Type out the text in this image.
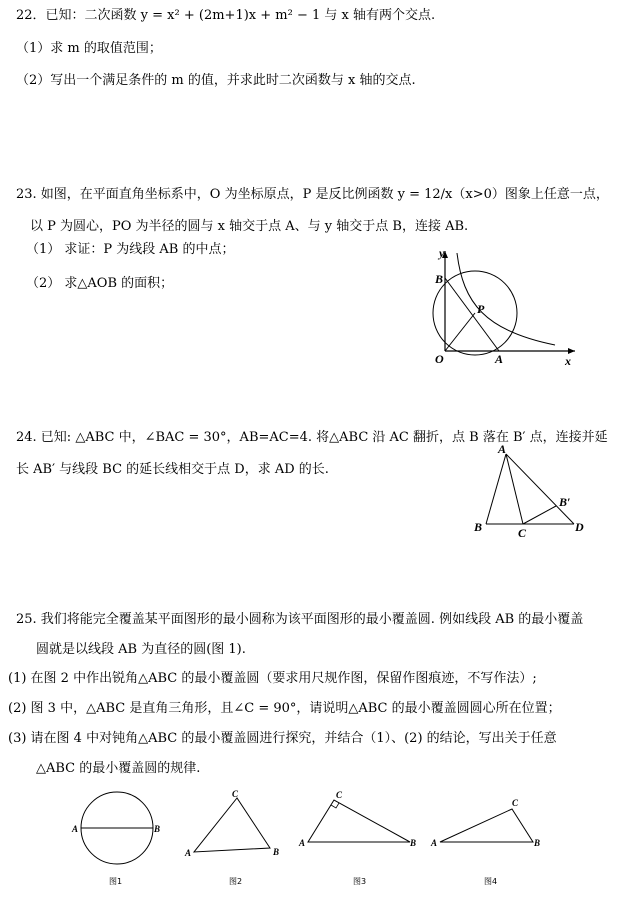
22．已知：二次函数 y = x² + (2m+1)x + m² − 1 与 x 轴有两个交点.
（1）求 m 的取值范围；
（2）写出一个满足条件的 m 的值，并求此时二次函数与 x 轴的交点.
23. 如图，在平面直角坐标系中，O 为坐标原点，P 是反比例函数 y = 12/x（x>0）图象上任意一点，
以 P 为圆心，PO 为半径的圆与 x 轴交于点 A、与 y 轴交于点 B，连接 AB.
（1） 求证：P 为线段 AB 的中点；
（2） 求△AOB 的面积；
y
x
B
P
O	A
24. 已知: △ABC 中，∠BAC = 30°，AB=AC=4. 将△ABC 沿 AC 翻折，点 B 落在 B′ 点，连接并延
长 AB′ 与线段 BC 的延长线相交于点 D，求 AD 的长.
A
B	C
B′
D
25. 我们将能完全覆盖某平面图形的最小圆称为该平面图形的最小覆盖圆. 例如线段 AB 的最小覆盖
圆就是以线段 AB 为直径的圆(图 1).
(1) 在图 2 中作出锐角△ABC 的最小覆盖圆（要求用尺规作图，保留作图痕迹，不写作法）;
(2) 图 3 中，△ABC 是直角三角形，且∠C = 90°，请说明△ABC 的最小覆盖圆圆心所在位置；
(3) 请在图 4 中对钝角△ABC 的最小覆盖圆进行探究，并结合（1）、(2) 的结论，写出关于任意
△ABC 的最小覆盖圆的规律.
A	B
图1
C
A	B
图2
C
A	B
图3
C
A	B
图4
